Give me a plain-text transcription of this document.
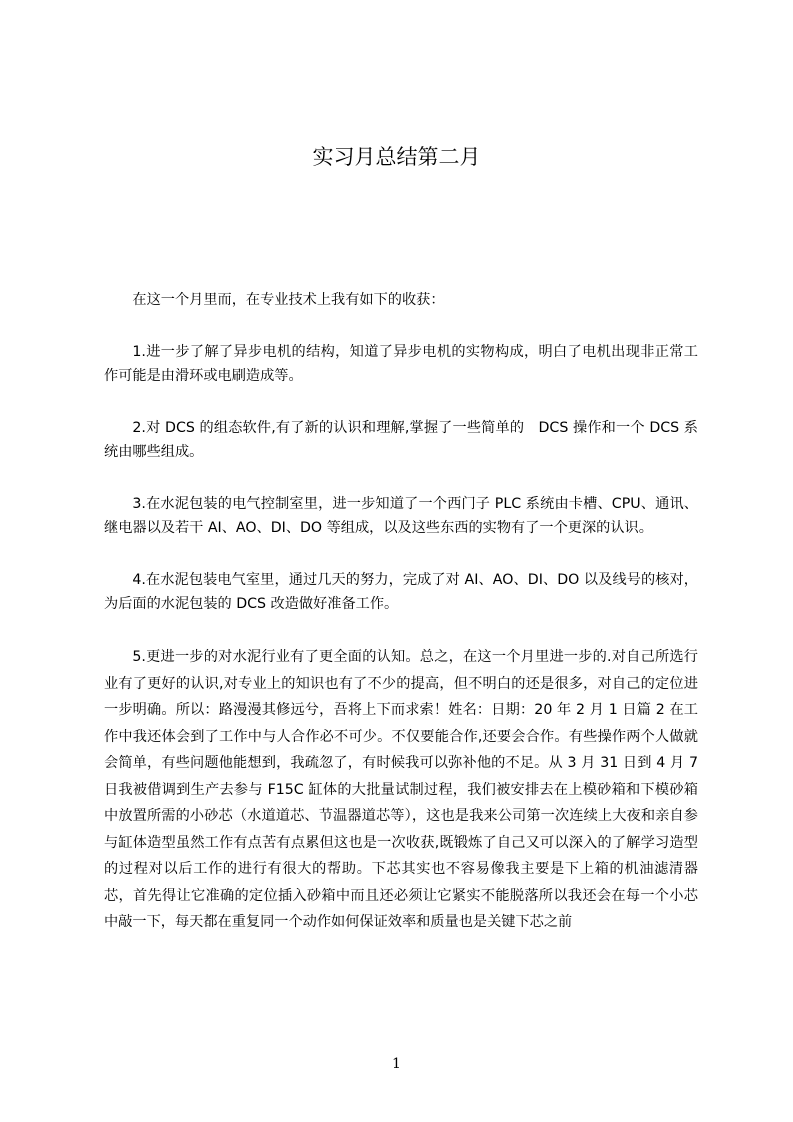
实习月总结第二月

在这一个月里而，在专业技术上我有如下的收获：

1.进一步了解了异步电机的结构，知道了异步电机的实物构成，明白了电机出现非正常工作可能是由滑环或电刷造成等。

2.对 DCS 的组态软件,有了新的认识和理解,掌握了一些简单的　DCS 操作和一个 DCS 系统由哪些组成。

3.在水泥包装的电气控制室里，进一步知道了一个西门子 PLC 系统由卡槽、CPU、通讯、继电器以及若干 AI、AO、DI、DO 等组成，以及这些东西的实物有了一个更深的认识。

4.在水泥包装电气室里，通过几天的努力，完成了对 AI、AO、DI、DO 以及线号的核对，为后面的水泥包装的 DCS 改造做好准备工作。

5.更进一步的对水泥行业有了更全面的认知。总之，在这一个月里进一步的.对自己所选行业有了更好的认识,对专业上的知识也有了不少的提高，但不明白的还是很多，对自己的定位进一步明确。所以：路漫漫其修远兮，吾将上下而求索！姓名：日期：20 年 2 月 1 日篇 2 在工作中我还体会到了工作中与人合作必不可少。不仅要能合作,还要会合作。有些操作两个人做就会简单，有些问题他能想到，我疏忽了，有时候我可以弥补他的不足。从 3 月 31 日到 4 月 7 日我被借调到生产去参与 F15C 缸体的大批量试制过程，我们被安排去在上模砂箱和下模砂箱中放置所需的小砂芯（水道道芯、节温器道芯等），这也是我来公司第一次连续上大夜和亲自参与缸体造型虽然工作有点苦有点累但这也是一次收获,既锻炼了自己又可以深入的了解学习造型的过程对以后工作的进行有很大的帮助。下芯其实也不容易像我主要是下上箱的机油滤清器芯，首先得让它准确的定位插入砂箱中而且还必须让它紧实不能脱落所以我还会在每一个小芯中敲一下，每天都在重复同一个动作如何保证效率和质量也是关键下芯之前

1
